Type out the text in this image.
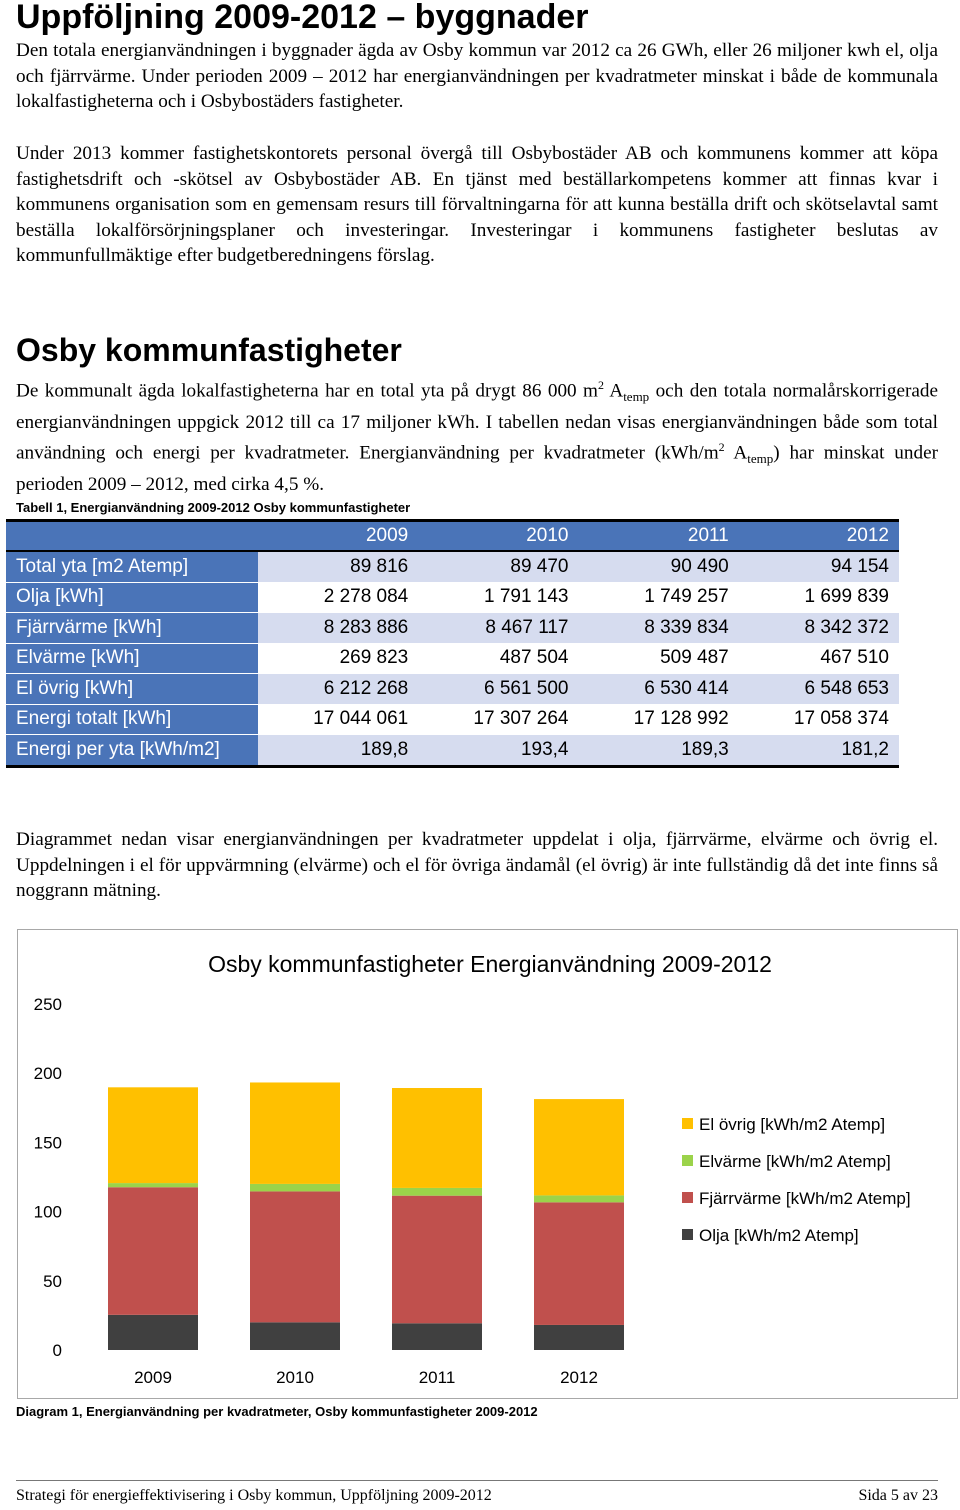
Uppföljning 2009-2012 – byggnader

Den totala energianvändningen i byggnader ägda av Osby kommun var 2012 ca 26 GWh, eller 26 miljoner kwh el, olja och fjärrvärme. Under perioden 2009 – 2012 har energianvändningen per kvadratmeter minskat i både de kommunala lokalfastigheterna och i Osbybostäders fastigheter.

Under 2013 kommer fastighetskontorets personal övergå till Osbybostäder AB och kommunens kommer att köpa fastighetsdrift och -skötsel av Osbybostäder AB. En tjänst med beställarkompetens kommer att finnas kvar i kommunens organisation som en gemensam resurs till förvaltningarna för att kunna beställa drift och skötselavtal samt beställa lokalförsörjningsplaner och investeringar. Investeringar i kommunens fastigheter beslutas av kommunfullmäktige efter budgetberedningens förslag.

Osby kommunfastigheter

De kommunalt ägda lokalfastigheterna har en total yta på drygt 86 000 $m^2$ $A_{temp}$ och den totala normalårskorrigerade energianvändningen uppgick 2012 till ca 17 miljoner kWh. I tabellen nedan visas energianvändningen både som total användning och energi per kvadratmeter. Energianvändning per kvadratmeter ($kWh/m^2$ $A_{temp}$) har minskat under perioden 2009 – 2012, med cirka 4,5 %.

Tabell 1, Energianvändning 2009-2012 Osby kommunfastigheter
	2009	2010	2011	2012
Total yta [m2 Atemp]	89 816	89 470	90 490	94 154
Olja [kWh]	2 278 084	1 791 143	1 749 257	1 699 839
Fjärrvärme [kWh]	8 283 886	8 467 117	8 339 834	8 342 372
Elvärme [kWh]	269 823	487 504	509 487	467 510
El övrig [kWh]	6 212 268	6 561 500	6 530 414	6 548 653
Energi totalt [kWh]	17 044 061	17 307 264	17 128 992	17 058 374
Energi per yta [kWh/m2]	189,8	193,4	189,3	181,2

Diagrammet nedan visar energianvändningen per kvadratmeter uppdelat i olja, fjärrvärme, elvärme och övrig el. Uppdelningen i el för uppvärmning (elvärme) och el för övriga ändamål (el övrig) är inte fullständig då det inte finns så noggrann mätning.

Osby kommunfastigheter Energianvändning 2009-2012
0
50
100
150
200
250
2009	2010	2011	2012
El övrig [kWh/m2 Atemp]
Elvärme [kWh/m2 Atemp]
Fjärrvärme [kWh/m2 Atemp]
Olja [kWh/m2 Atemp]
Diagram 1, Energianvändning per kvadratmeter, Osby kommunfastigheter 2009-2012
Strategi för energieffektivisering i Osby kommun, Uppföljning 2009-2012	Sida 5 av 23
